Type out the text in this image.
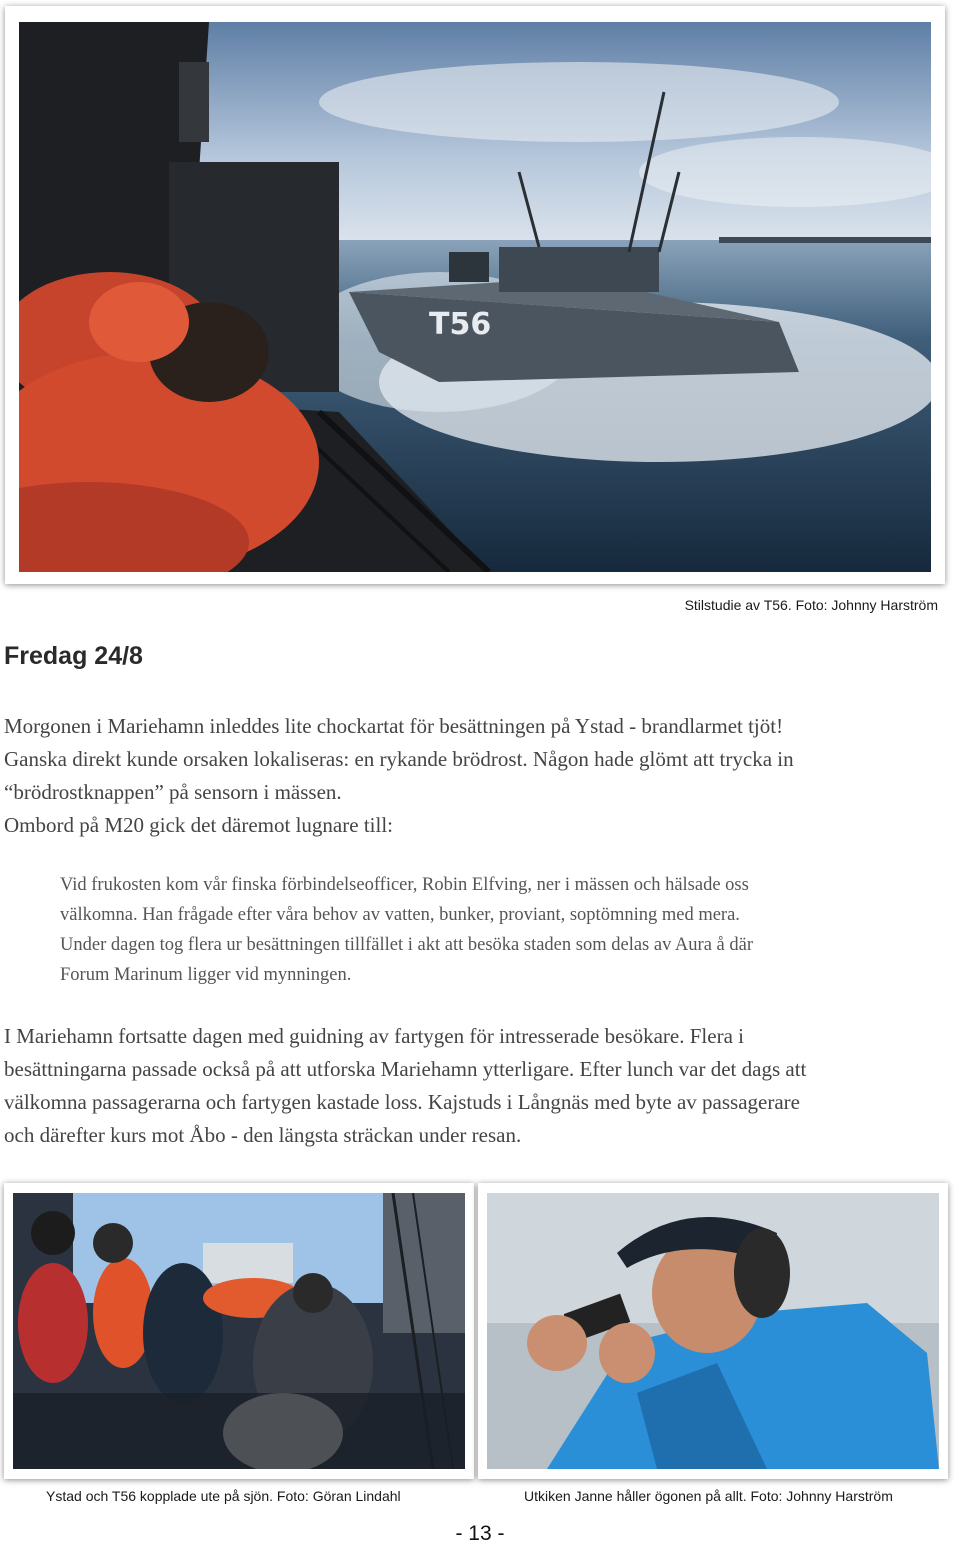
T56
Stilstudie av T56. Foto: Johnny Harström
Fredag 24/8

Morgonen i Mariehamn inleddes lite chockartat för besättningen på Ystad - brandlarmet tjöt!

Ganska direkt kunde orsaken lokaliseras: en rykande brödrost. Någon hade glömt att trycka in

“brödrostknappen” på sensorn i mässen.

Ombord på M20 gick det däremot lugnare till:

Vid frukosten kom vår finska förbindelseofficer, Robin Elfving, ner i mässen och hälsade oss

välkomna. Han frågade efter våra behov av vatten, bunker, proviant, soptömning med mera.

Under dagen tog flera ur besättningen tillfället i akt att besöka staden som delas av Aura å där

Forum Marinum ligger vid mynningen.

I Mariehamn fortsatte dagen med guidning av fartygen för intresserade besökare. Flera i

besättningarna passade också på att utforska Mariehamn ytterligare. Efter lunch var det dags att

välkomna passagerarna och fartygen kastade loss. Kajstuds i Långnäs med byte av passagerare

och därefter kurs mot Åbo - den längsta sträckan under resan.

Ystad och T56 kopplade ute på sjön. Foto: Göran Lindahl	Utkiken Janne håller ögonen på allt. Foto: Johnny Harström
- 13 -
